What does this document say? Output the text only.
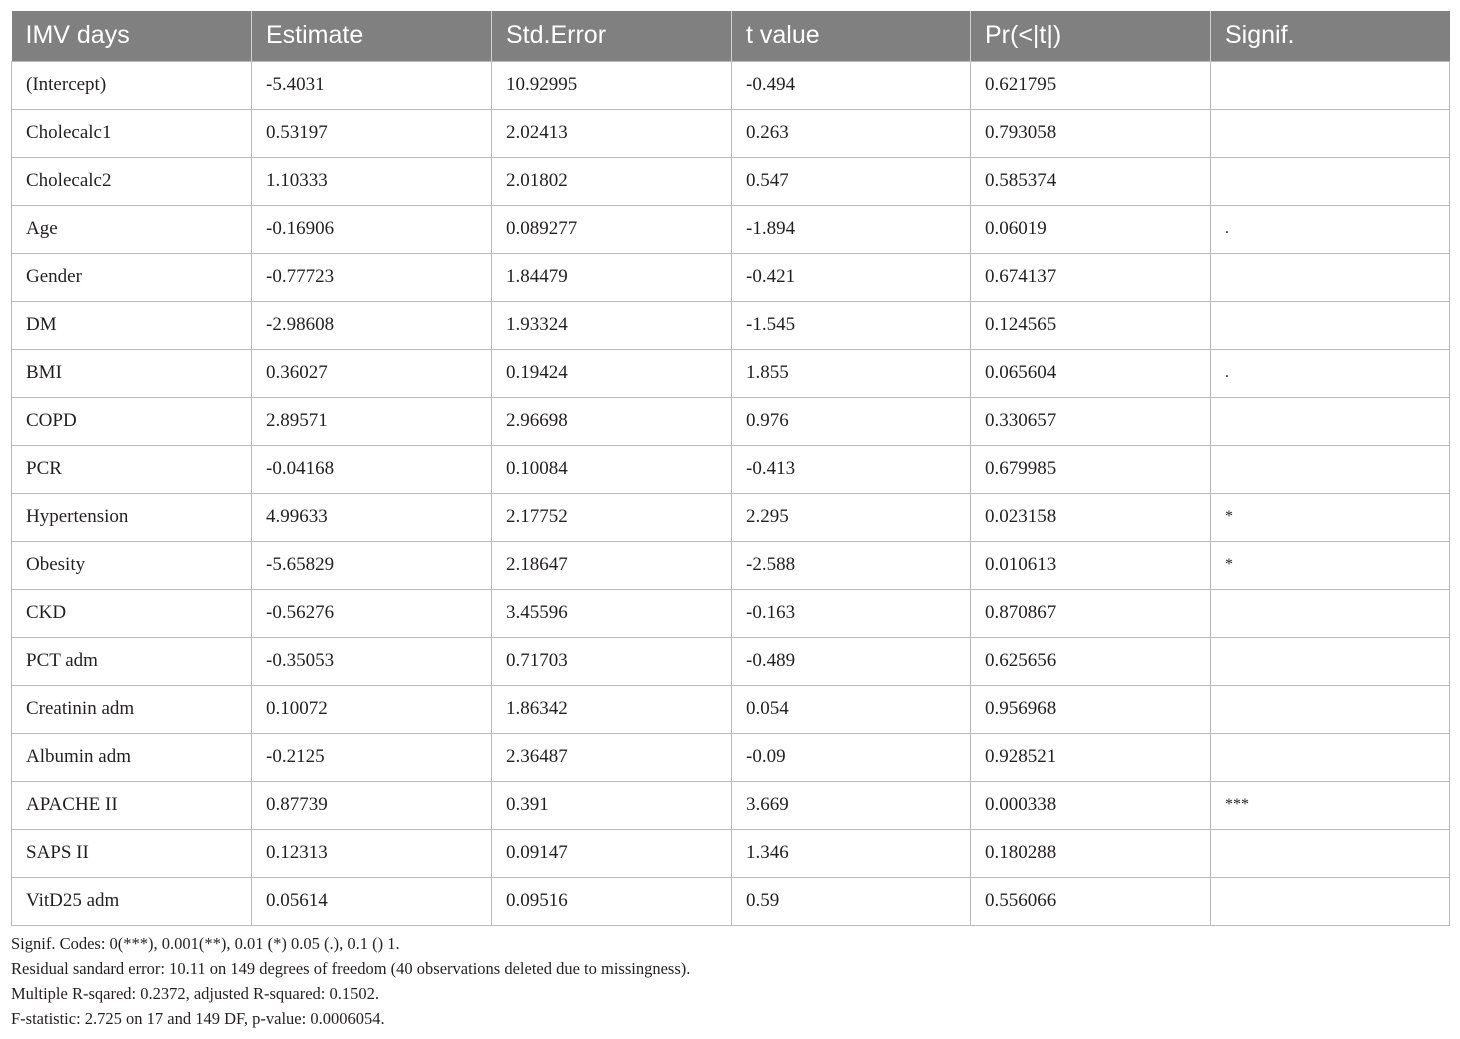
IMV days	Estimate	Std.Error	t value	Pr(<|t|)	Signif.
(Intercept)	-5.4031	10.92995	-0.494	0.621795	
Cholecalc1	0.53197	2.02413	0.263	0.793058	
Cholecalc2	1.10333	2.01802	0.547	0.585374	
Age	-0.16906	0.089277	-1.894	0.06019	.
Gender	-0.77723	1.84479	-0.421	0.674137	
DM	-2.98608	1.93324	-1.545	0.124565	
BMI	0.36027	0.19424	1.855	0.065604	.
COPD	2.89571	2.96698	0.976	0.330657	
PCR	-0.04168	0.10084	-0.413	0.679985	
Hypertension	4.99633	2.17752	2.295	0.023158	*
Obesity	-5.65829	2.18647	-2.588	0.010613	*
CKD	-0.56276	3.45596	-0.163	0.870867	
PCT adm	-0.35053	0.71703	-0.489	0.625656	
Creatinin adm	0.10072	1.86342	0.054	0.956968	
Albumin adm	-0.2125	2.36487	-0.09	0.928521	
APACHE II	0.87739	0.391	3.669	0.000338	***
SAPS II	0.12313	0.09147	1.346	0.180288	
VitD25 adm	0.05614	0.09516	0.59	0.556066	
Signif. Codes: 0(***), 0.001(**), 0.01 (*) 0.05 (.), 0.1 () 1.
Residual sandard error: 10.11 on 149 degrees of freedom (40 observations deleted due to missingness).
Multiple R-sqared: 0.2372, adjusted R-squared: 0.1502.
F-statistic: 2.725 on 17 and 149 DF, p-value: 0.0006054.
